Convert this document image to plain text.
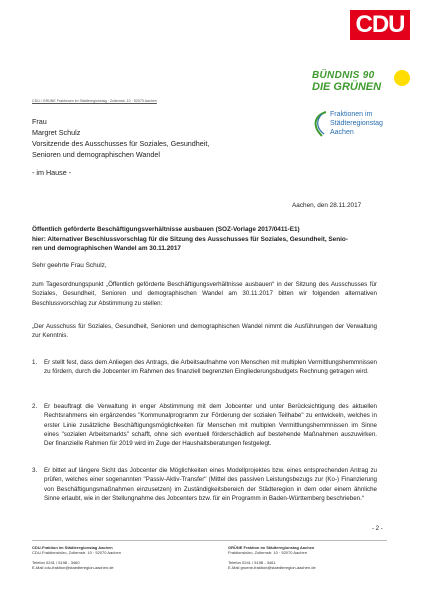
CDU
BÜNDNIS 90
DIE GRÜNEN
Fraktionen im
Städteregionstag
Aachen
CDU / GRÜNE Fraktionen im Städteregionstag · Zollernstr. 10 · 52070 Aachen
Frau
Margret Schulz
Vorsitzende des Ausschusses für Soziales, Gesundheit,
Senioren und demographischen Wandel
- im Hause -
Aachen, den 28.11.2017
Öffentlich geförderte Beschäftigungsverhältnisse ausbauen (SOZ-Vorlage 2017/0411-E1)
hier: Alternativer Beschlussvorschlag für die Sitzung des Ausschusses für Soziales, Gesundheit, Senio-
ren und demographischen Wandel am 30.11.2017
Sehr geehrte Frau Schulz,
zum Tagesordnungspunkt „Öffentlich geförderte Beschäftigungsverhältnisse ausbauen“ in der Sitzung des Ausschusses für Soziales, Gesundheit, Senioren und demographischen Wandel am 30.11.2017 bitten wir folgenden alternativen Beschlussvorschlag zur Abstimmung zu stellen:
„Der Ausschuss für Soziales, Gesundheit, Senioren und demographischen Wandel nimmt die Ausführungen der Verwaltung zur Kenntnis.
1. Er stellt fest, dass dem Anliegen des Antrags, die Arbeitsaufnahme von Menschen mit multiplen Vermittlungshemmnissen zu fördern, durch die Jobcenter im Rahmen des finanziell begrenzten Eingliederungsbudgets Rechnung getragen wird.
2. Er beauftragt die Verwaltung in enger Abstimmung mit dem Jobcenter und unter Berücksichtigung des aktuellen Rechtsrahmens ein ergänzendes "Kommunalprogramm zur Förderung der sozialen Teilhabe" zu entwickeln, welches in erster Linie zusätzliche Beschäftigungsmöglichkeiten für Menschen mit multiplen Vermittlungshemmnissen im Sinne eines "sozialen Arbeitsmarkts" schafft, ohne sich eventuell förderschädlich auf bestehende Maßnahmen auszuwirken. Der finanzielle Rahmen für 2019 wird im Zuge der Haushaltsberatungen festgelegt.
3. Er bittet auf längere Sicht das Jobcenter die Möglichkeiten eines Modellprojektes bzw. eines entsprechenden Antrag zu prüfen, welches einer sogenannten "Passiv-Aktiv-Transfer" (Mittel des passiven Leistungsbezugs zur (Ko-) Finanzierung von Beschäftigungsmaßnahmen einzusetzen) im Zuständigkeitsbereich der Städteregion in dem oder einem ähnliche Sinne erlaubt, wie in der Stellungnahme des Jobcenters bzw. für ein Programm in Baden-Württemberg beschrieben.“
- 2 -
CDU-Fraktion im Städteregionstag Aachen
CDU-Fraktionsbüro, Zollernstr. 10 · 52070 Aachen
Telefon 0241 / 5198 - 3460
E-Mail cdu-fraktion@staedteregion-aachen.de
GRÜNE Fraktion im Städteregionstag Aachen
Fraktionsbüro, Zollernstr. 10 · 52070 Aachen
Telefon 0241 / 5198 - 3461
E-Mail gruene-fraktion@staedteregion-aachen.de
